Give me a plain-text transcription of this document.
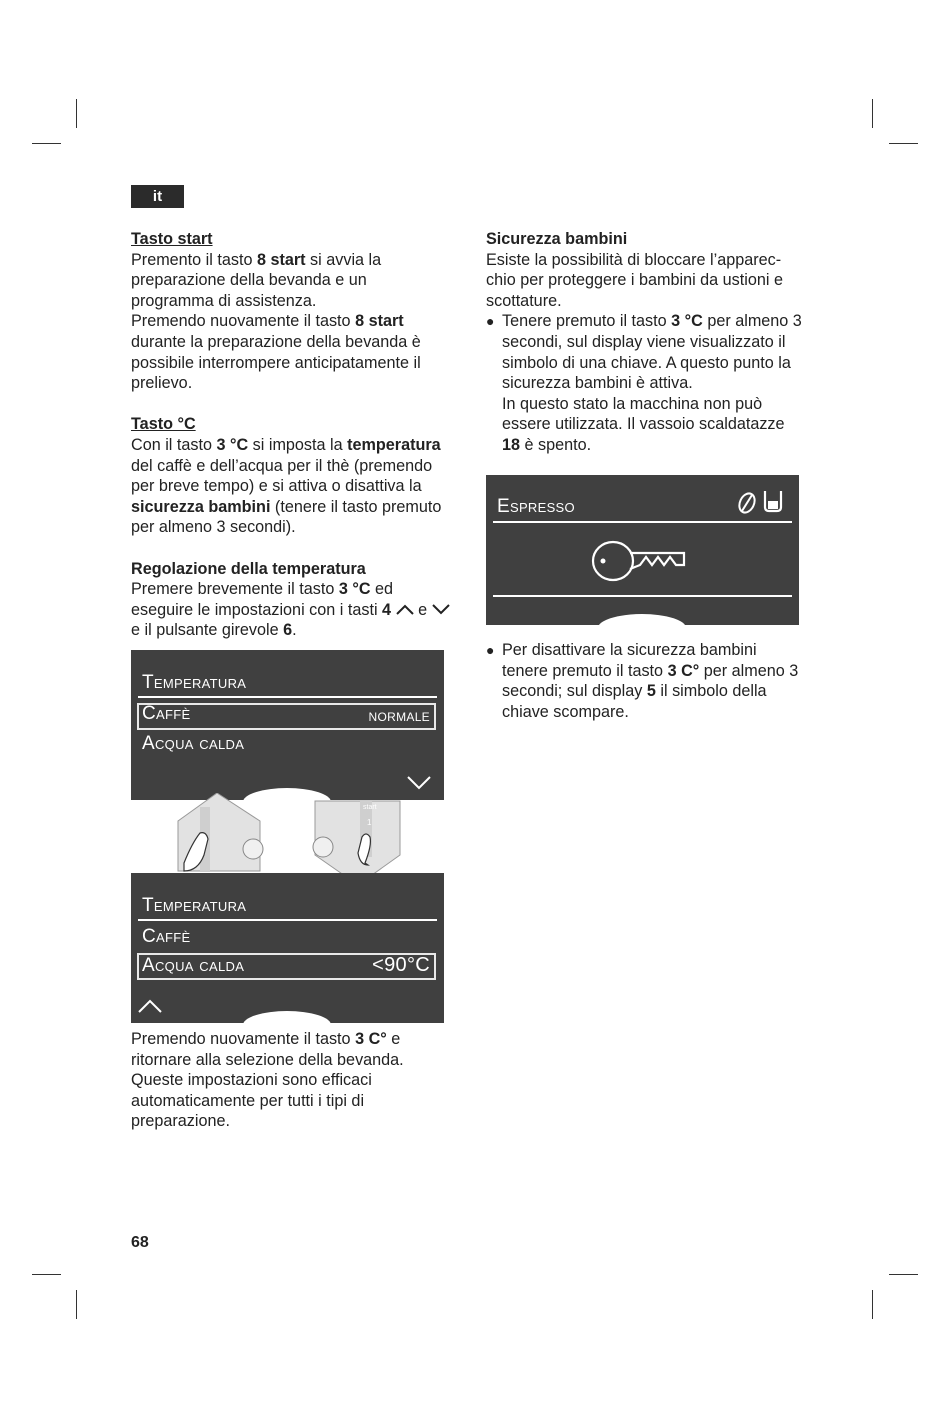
it

Tasto start

Premento il tasto 8 start si avvia la

preparazione della bevanda e un

programma di assistenza.

Premendo nuovamente il tasto 8 start

durante la preparazione della bevanda è

possibile interrompere anticipatamente il

prelievo.

Tasto °C

Con il tasto 3 °C si imposta la temperatura

del caffè e dell’acqua per il thè (premendo

per breve tempo) e si attiva o disattiva la

sicurezza bambini (tenere il tasto premuto

per almeno 3 secondi).

Regolazione della temperatura

Premere brevemente il tasto 3 °C ed

eseguire le impostazioni con i tasti 4 e

e il pulsante girevole 6.

Temperatura
Caffè	normale
Acqua calda
start
1
Temperatura
Caffè
Acqua calda	<90°C

Premendo nuovamente il tasto 3 C° e

ritornare alla selezione della bevanda.

Queste impostazioni sono efficaci

automaticamente per tutti i tipi di

preparazione.

Sicurezza bambini

Esiste la possibilità di bloccare l’apparec-

chio per proteggere i bambini da ustioni e

scottature.

● Tenere premuto il tasto 3 °C per almeno 3

secondi, sul display viene visualizzato il

simbolo di una chiave. A questo punto la

sicurezza bambini è attiva.

In questo stato la macchina non può

essere utilizzata. Il vassoio scaldatazze

18 è spento.

Espresso

● Per disattivare la sicurezza bambini

tenere premuto il tasto 3 C° per almeno 3

secondi; sul display 5 il simbolo della

chiave scompare.

68
